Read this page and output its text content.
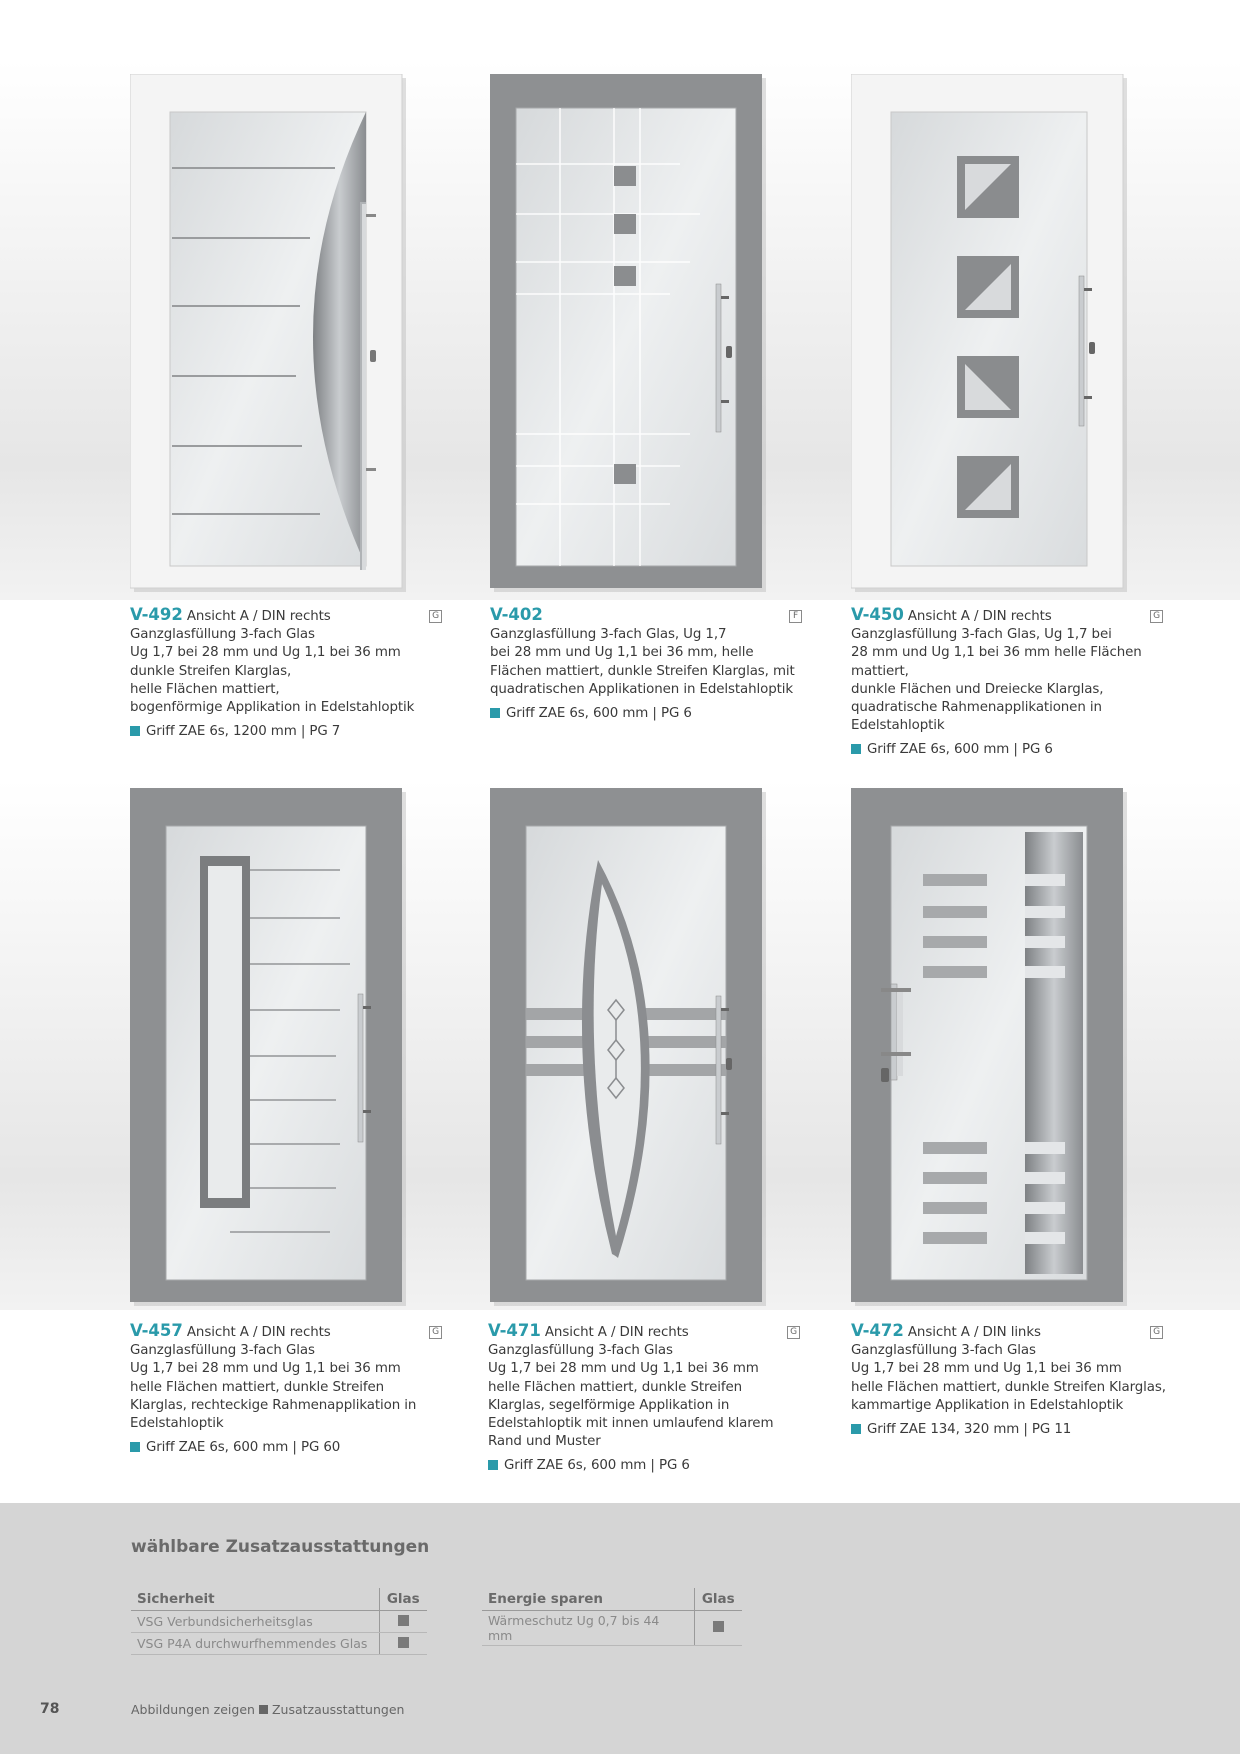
G
V-492 Ansicht A / DIN rechts
Ganzglasfüllung 3-fach Glas
Ug 1,7 bei 28 mm und Ug 1,1 bei 36 mm
dunkle Streifen Klarglas,
helle Flächen mattiert,
bogenförmige Applikation in Edelstahloptik
Griff ZAE 6s, 1200 mm | PG 7
F
V-402
Ganzglasfüllung 3-fach Glas, Ug 1,7
bei 28 mm und Ug 1,1 bei 36 mm, helle
Flächen mattiert, dunkle Streifen Klarglas, mit
quadratischen Applikationen in Edelstahloptik
Griff ZAE 6s, 600 mm | PG 6
G
V-450 Ansicht A / DIN rechts
Ganzglasfüllung 3-fach Glas, Ug 1,7 bei
28 mm und Ug 1,1 bei 36 mm helle Flächen mattiert,
dunkle Flächen und Dreiecke Klarglas,
quadratische Rahmenapplikationen in Edelstahloptik
Griff ZAE 6s, 600 mm | PG 6
G
V-457 Ansicht A / DIN rechts
Ganzglasfüllung 3-fach Glas
Ug 1,7 bei 28 mm und Ug 1,1 bei 36 mm
helle Flächen mattiert, dunkle Streifen
Klarglas, rechteckige Rahmenapplikation in
Edelstahloptik
Griff ZAE 6s, 600 mm | PG 60
G
V-471 Ansicht A / DIN rechts
Ganzglasfüllung 3-fach Glas
Ug 1,7 bei 28 mm und Ug 1,1 bei 36 mm
helle Flächen mattiert, dunkle Streifen
Klarglas, segelförmige Applikation in
Edelstahloptik mit innen umlaufend klarem
Rand und Muster
Griff ZAE 6s, 600 mm | PG 6
G
V-472 Ansicht A / DIN links
Ganzglasfüllung 3-fach Glas
Ug 1,7 bei 28 mm und Ug 1,1 bei 36 mm
helle Flächen mattiert, dunkle Streifen Klarglas,
kammartige Applikation in Edelstahloptik
Griff ZAE 134, 320 mm | PG 11
wählbare Zusatzausstattungen
Sicherheit	Glas
VSG Verbundsicherheitsglas	
VSG P4A durchwurfhemmendes Glas	
Energie sparen	Glas
Wärmeschutz Ug 0,7 bis 44 mm	
78	Abbildungen zeigen Zusatzausstattungen
